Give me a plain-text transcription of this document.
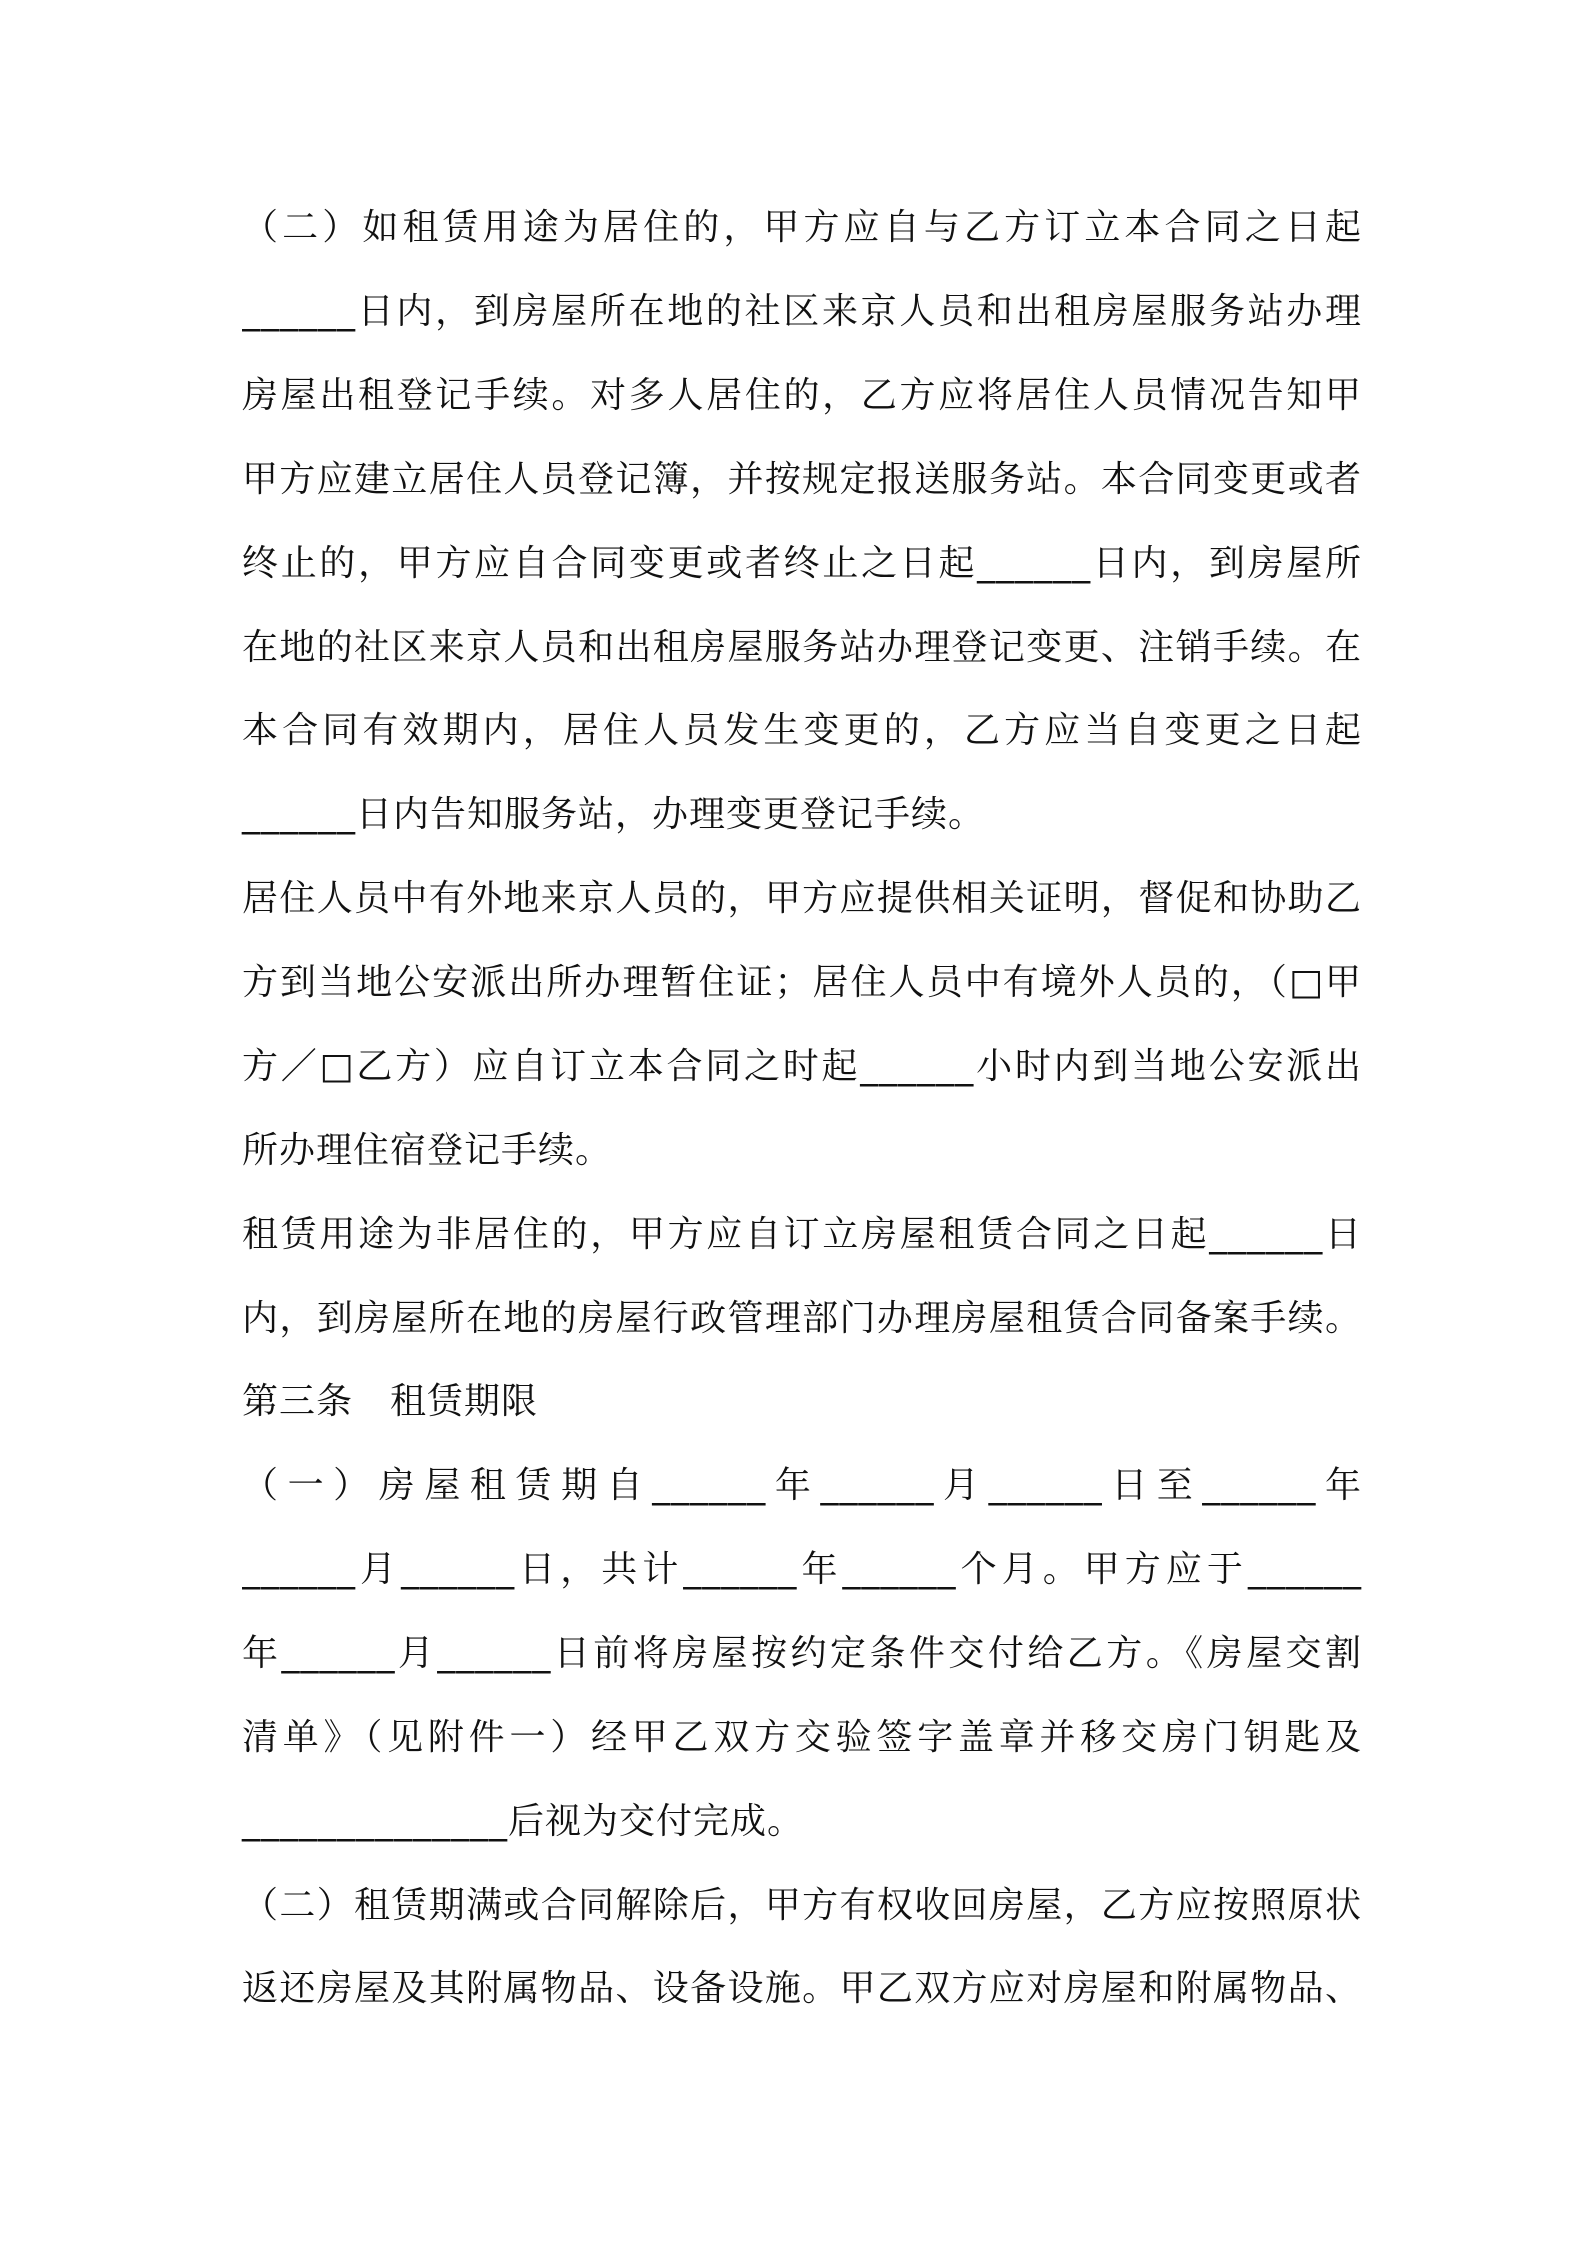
（二）如租赁用途为居住的，甲方应自与乙方订立本合同之日起
______日内，到房屋所在地的社区来京人员和出租房屋服务站办理
房屋出租登记手续。对多人居住的，乙方应将居住人员情况告知甲
甲方应建立居住人员登记簿，并按规定报送服务站。本合同变更或者
终止的，甲方应自合同变更或者终止之日起______日内，到房屋所
在地的社区来京人员和出租房屋服务站办理登记变更、注销手续。在
本合同有效期内，居住人员发生变更的，乙方应当自变更之日起
______日内告知服务站，办理变更登记手续。
居住人员中有外地来京人员的，甲方应提供相关证明，督促和协助乙
方到当地公安派出所办理暂住证；居住人员中有境外人员的，（□甲
方／□乙方）应自订立本合同之时起______小时内到当地公安派出
所办理住宿登记手续。
租赁用途为非居住的，甲方应自订立房屋租赁合同之日起______日
内，到房屋所在地的房屋行政管理部门办理房屋租赁合同备案手续。
第三条　租赁期限
（一）房屋租赁期自______年______月______日至______年
______月______日，共计______年______个月。甲方应于______
年______月______日前将房屋按约定条件交付给乙方。《房屋交割
清单》（见附件一）经甲乙双方交验签字盖章并移交房门钥匙及
______________后视为交付完成。
（二）租赁期满或合同解除后，甲方有权收回房屋，乙方应按照原状
返还房屋及其附属物品、设备设施。甲乙双方应对房屋和附属物品、
